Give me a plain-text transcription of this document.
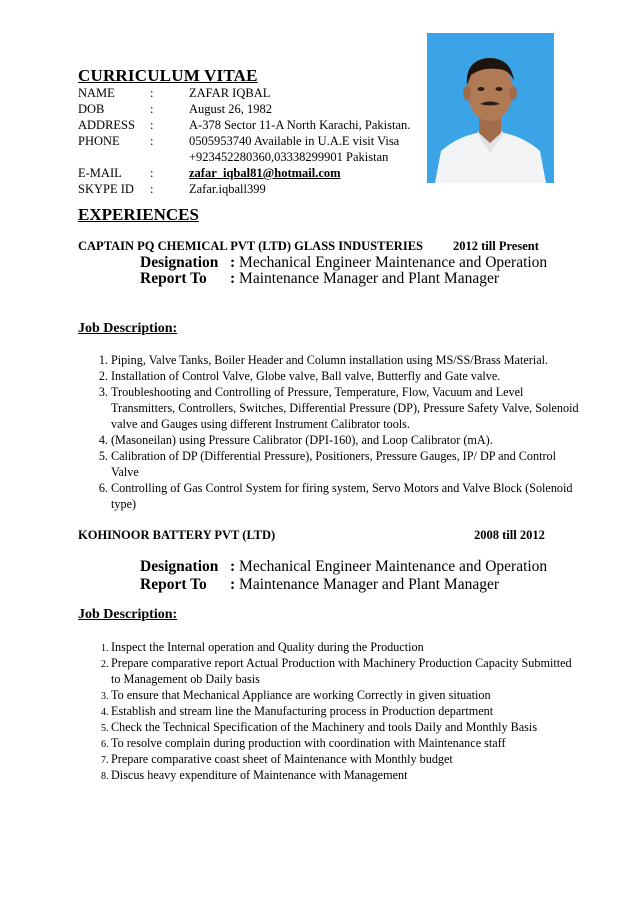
CURRICULUM VITAE
NAME	:	ZAFAR IQBAL
DOB	:	August 26, 1982
ADDRESS	:	A-378 Sector 11-A North Karachi, Pakistan.
PHONE	:	0505953740 Available in U.A.E visit Visa
+923452280360,03338299901 Pakistan
E-MAIL	:	zafar_iqbal81@hotmail.com
SKYPE ID	:	Zafar.iqball399
EXPERIENCES
CAPTAIN PQ CHEMICAL PVT (LTD) GLASS INDUSTERIES 2012 till Present
Designation : Mechanical Engineer Maintenance and Operation
Report To : Maintenance Manager and Plant Manager
Job Description:
1. Piping, Valve Tanks, Boiler Header and Column installation using MS/SS/Brass Material.
2. Installation of Control Valve, Globe valve, Ball valve, Butterfly and Gate valve.
3. Troubleshooting and Controlling of Pressure, Temperature, Flow, Vacuum and Level Transmitters, Controllers, Switches, Differential Pressure (DP), Pressure Safety Valve, Solenoid valve and Gauges using different Instrument Calibrator tools.
4. (Masoneilan) using Pressure Calibrator (DPI-160), and Loop Calibrator (mA).
5. Calibration of DP (Differential Pressure), Positioners, Pressure Gauges, IP/ DP and Control Valve
6. Controlling of Gas Control System for firing system, Servo Motors and Valve Block (Solenoid type)
KOHINOOR BATTERY PVT (LTD)	2008 till 2012
Designation : Mechanical Engineer Maintenance and Operation
Report To : Maintenance Manager and Plant Manager
Job Description:
1. Inspect the Internal operation and Quality during the Production
2. Prepare comparative report Actual Production with Machinery Production Capacity Submitted to Management ob Daily basis
3. To ensure that Mechanical Appliance are working Correctly in given situation
4. Establish and stream line the Manufacturing process in Production department
5. Check the Technical Specification of the Machinery and tools Daily and Monthly Basis
6. To resolve complain during production with coordination with Maintenance staff
7. Prepare comparative coast sheet of Maintenance with Monthly budget
8. Discus heavy expenditure of Maintenance with Management
